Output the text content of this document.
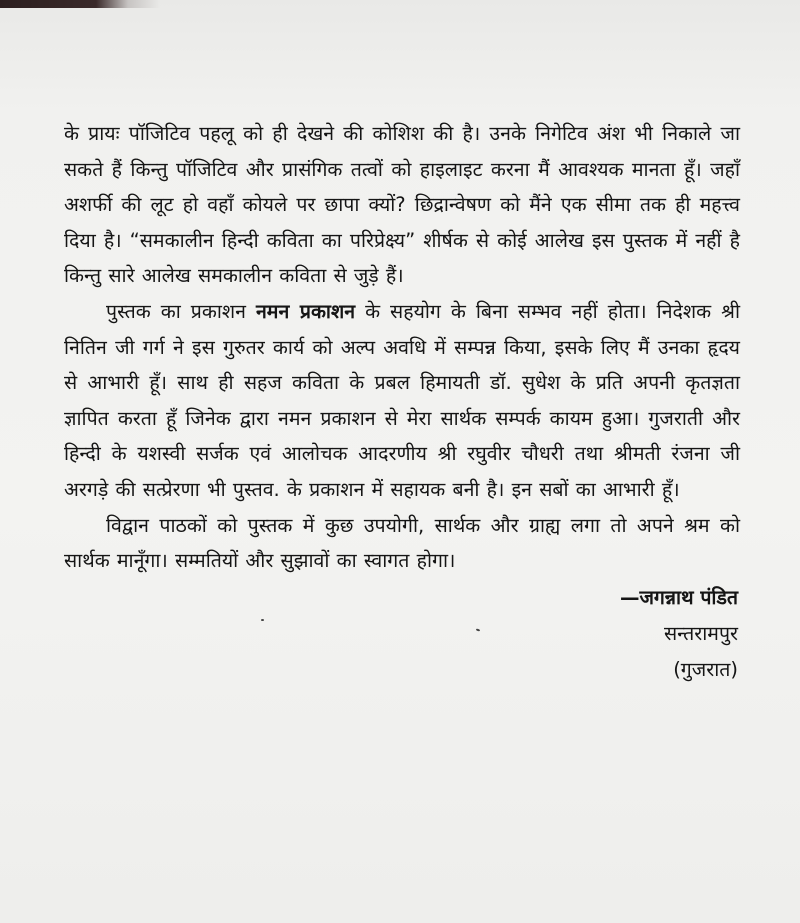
के प्रायः पॉजिटिव पहलू को ही देखने की कोशिश की है। उनके निगेटिव अंश भी निकाले जा सकते हैं किन्तु पॉजिटिव और प्रासंगिक तत्वों को हाइलाइट करना मैं आवश्यक मानता हूँ। जहाँ अशर्फी की लूट हो वहाँ कोयले पर छापा क्यों? छिद्रान्वेषण को मैंने एक सीमा तक ही महत्त्व दिया है। “समकालीन हिन्दी कविता का परिप्रेक्ष्य” शीर्षक से कोई आलेख इस पुस्तक में नहीं है किन्तु सारे आलेख समकालीन कविता से जुड़े हैं।

पुस्तक का प्रकाशन नमन प्रकाशन के सहयोग के बिना सम्भव नहीं होता। निदेशक श्री नितिन जी गर्ग ने इस गुरुतर कार्य को अल्प अवधि में सम्पन्न किया, इसके लिए मैं उनका हृदय से आभारी हूँ। साथ ही सहज कविता के प्रबल हिमायती डॉ. सुधेश के प्रति अपनी कृतज्ञता ज्ञापित करता हूँ जिनेक द्वारा नमन प्रकाशन से मेरा सार्थक सम्पर्क कायम हुआ। गुजराती और हिन्दी के यशस्वी सर्जक एवं आलोचक आदरणीय श्री रघुवीर चौधरी तथा श्रीमती रंजना जी अरगड़े की सत्प्रेरणा भी पुस्तव. के प्रकाशन में सहायक बनी है। इन सबों का आभारी हूँ।

विद्वान पाठकों को पुस्तक में कुछ उपयोगी, सार्थक और ग्राह्य लगा तो अपने श्रम को सार्थक मानूँगा। सम्मतियों और सुझावों का स्वागत होगा।

—जगन्नाथ पंडित
सन्तरामपुर
(गुजरात)
